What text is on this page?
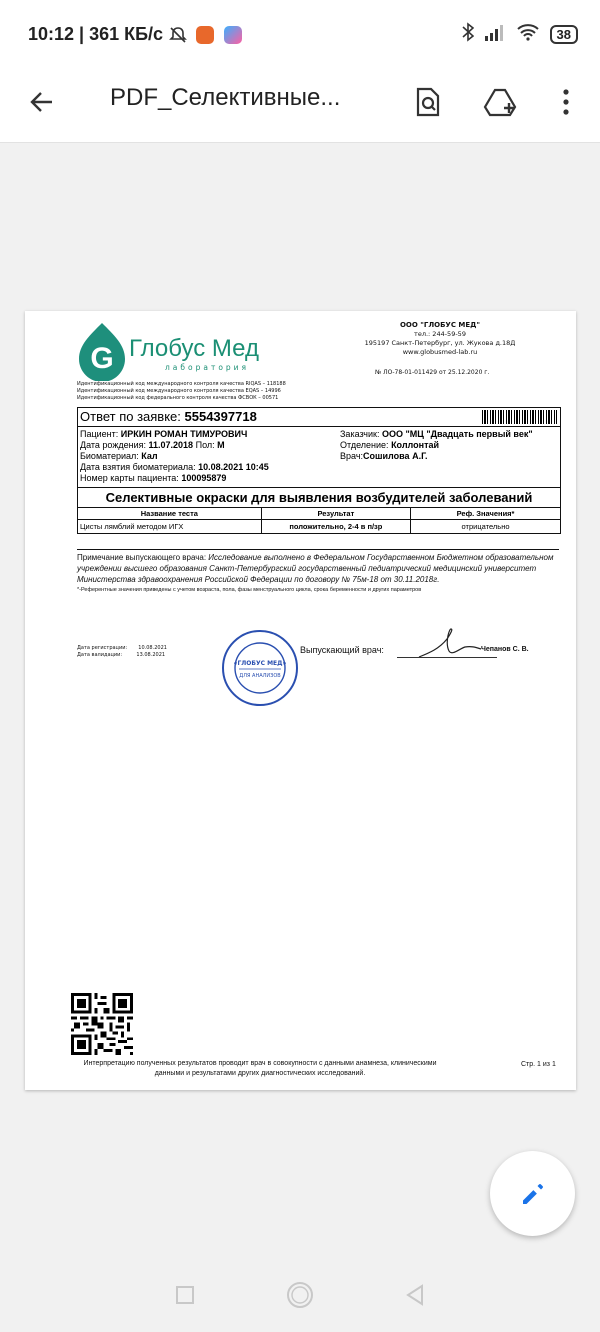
10:12 | 361 КБ/с	38
PDF_Селективные...
G Глобус Мед
лаборатория
ООО "ГЛОБУС МЕД"
тел.: 244-59-59
195197 Санкт-Петербург, ул. Жукова д.18Д
www.globusmed-lab.ru
№ ЛО-78-01-011429 от 25.12.2020 г.
Идентификационный код международного контроля качества RIQAS – 118188
Идентификационный код международного контроля качества EQAS – 14996
Идентификационный код федерального контроля качества ФСВОК – 00571
Ответ по заявке: 5554397718
Пациент: ИРКИН РОМАН ТИМУРОВИЧ
Дата рождения: 11.07.2018 Пол: М
Биоматериал: Кал
Дата взятия биоматериала: 10.08.2021 10:45
Номер карты пациента: 100095879
Заказчик: ООО "МЦ "Двадцать первый век"
Отделение: Коллонтай
Врач:Сошилова А.Г.
Селективные окраски для выявления возбудителей заболеваний
Название теста	Результат	Реф. Значения*
Цисты лямблий методом ИГХ	положительно, 2-4 в п/зр	отрицательно
Примечание выпускающего врача: Исследование выполнено в Федеральном Государственном Бюджетном образовательном учреждении высшего образования Санкт-Петербургский государственный педиатрический медицинский университет Министерства здравоохранения Российской Федерации по договору № 75м-18 от 30.11.2018г.
*-Референтные значения приведены с учетом возраста, пола, фазы менструального цикла, срока беременности и других параметров
Дата регистрации: 10.08.2021
Дата валидации:	13.08.2021
«ГЛОБУС МЕД»
ДЛЯ АНАЛИЗОВ
Выпускающий врач:	Чепанов С. В.
Интерпретацию полученных результатов проводит врач в совокупности с данными анамнеза, клиническими данными и результатами других диагностических исследований.
Стр. 1 из 1
